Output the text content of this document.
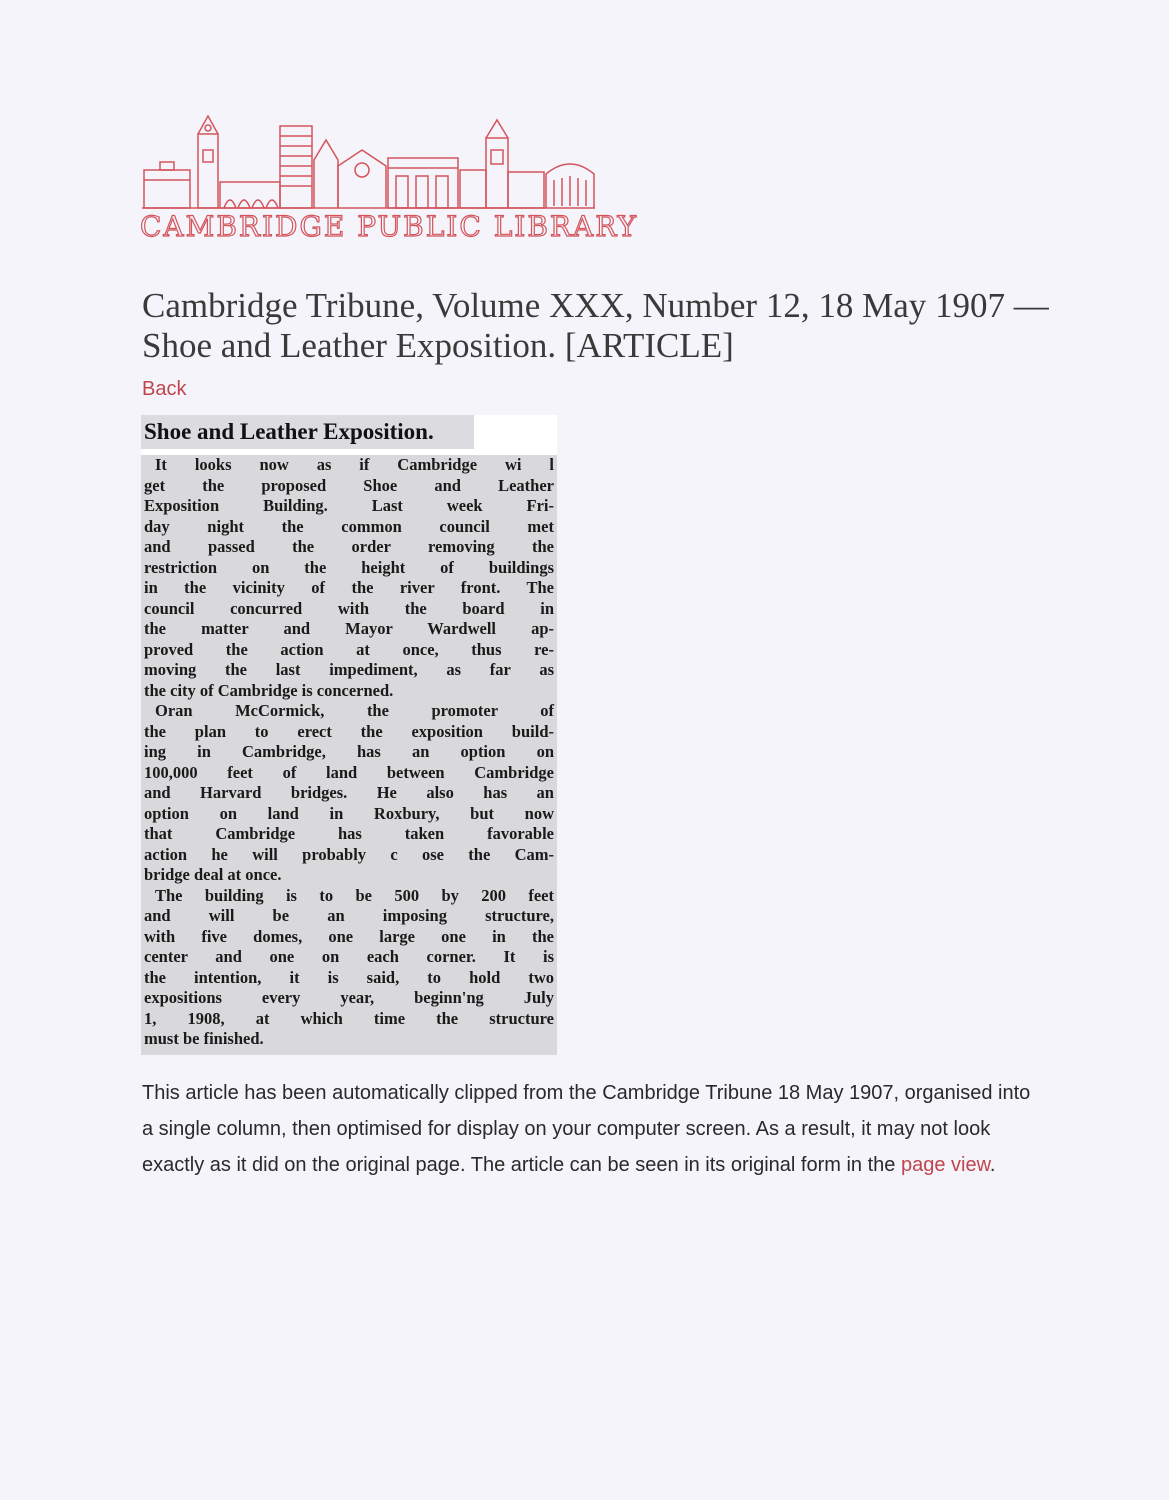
CAMBRIDGE PUBLIC LIBRARY
Cambridge Tribune, Volume XXX, Number 12, 18 May 1907 — Shoe and Leather Exposition. [ARTICLE]
Back
Shoe and Leather Exposition.
It looks now as if Cambridge wi l
get the proposed Shoe and Leather
Exposition Building. Last week Fri-
day night the common council met
and passed the order removing the
restriction on the height of buildings
in the vicinity of the river front. The
council concurred with the board in
the matter and Mayor Wardwell ap-
proved the action at once, thus re-
moving the last impediment, as far as
the city of Cambridge is concerned.
Oran McCormick, the promoter of
the plan to erect the exposition build-
ing in Cambridge, has an option on
100,000 feet of land between Cambridge
and Harvard bridges. He also has an
option on land in Roxbury, but now
that Cambridge has taken favorable
action he will probably c ose the Cam-
bridge deal at once.
The building is to be 500 by 200 feet
and will be an imposing structure,
with five domes, one large one in the
center and one on each corner. It is
the intention, it is said, to hold two
expositions every year, beginn'ng July
1, 1908, at which time the structure
must be finished.

This article has been automatically clipped from the Cambridge Tribune 18 May 1907, organised into a single column, then optimised for display on your computer screen. As a result, it may not look exactly as it did on the original page. The article can be seen in its original form in the page view.
